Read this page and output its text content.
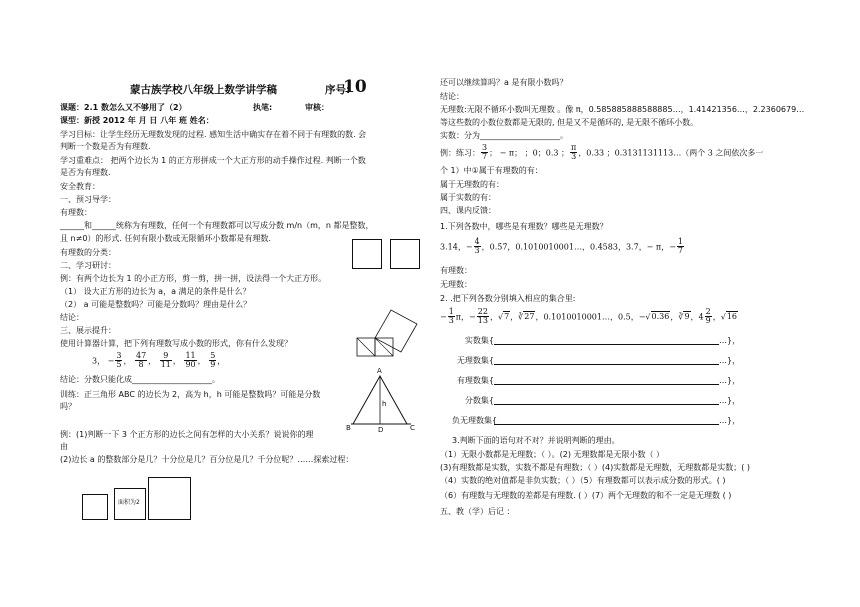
蒙古族学校八年级上数学讲学稿	序号:
10
课题：2.1 数怎么又不够用了（2）	执笔:	审核：
课型：新授 2012 年 月 日 八年 班 姓名：
学习目标：让学生经历无理数发现的过程. 感知生活中确实存在着不同于有理数的数. 会
判断一个数是否为有理数.
学习重难点： 把两个边长为 1 的正方形拼成一个大正方形的动手操作过程. 判断一个数
是否为有理数.
安全教育：
一、预习导学：
有理数：
______和______统称为有理数，任何一个有理数都可以写成分数 m/n（m，n 都是整数，
且 n≠0）的形式. 任何有限小数或无限循环小数都是有理数.
有理数的分类：
二、学习研讨：
例：有两个边长为 1 的小正方形，剪一剪，拼一拼，设法得一个大正方形。
（1） 设大正方形的边长为 a，a 满足的条件是什么？
（2） a 可能是整数吗？可能是分数吗？理由是什么？
结论：
三、展示提升：
使用计算器计算，把下列有理数写成小数的形式，你有什么发现？
3， − $\frac{3}{5}$ ， $\frac{47}{8}$ ， $\frac{9}{11}$ ， $\frac{11}{90}$ ， $\frac{5}{9}$ ，
结论：分数只能化成____________________。
训练：正三角形 ABC 的边长为 2，高为 h，h 可能是整数吗？可能是分数
吗？
A
B	C
D
h
例：(1)判断一下 3 个正方形的边长之间有怎样的大小关系？说说你的理
由
(2)边长 a 的整数部分是几？十分位是几？百分位是几？千分位呢？……探索过程：
面积为2
还可以继续算吗？a 是有限小数吗？
结论：
无理数:无限不循环小数叫无理数 。像 π，0.585885888588885…，1.41421356…，2.2360679…
等这些数的小数位数都是无限的, 但是又不是循环的, 是无限不循环小数。
实数：分为____________________。
例：练习： $\frac{3}{7}$ ； − π； ；0；0.3 ； $\frac{\pi}{3}$ ，0.33 ；0.3131131113…（两个 3 之间依次多一
个 1）中①属于有理数的有：
属于无理数的有：
属于实数的有：
四、课内反馈：
1.下列各数中，哪些是有理数？哪些是无理数？
3.14，− $\frac{4}{3}$ ，0.5̇7̇，0.1010010001…，0.4583，3.7̇，− π，− $\frac{1}{7}$
有理数：
无理数：
2. .把下列各数分别填入相应的集合里:
− $\frac{1}{3}$ π，− $\frac{22}{13}$ ，√7，∛27，0.1010010001…，0.5，−√0.36，∛9，$4 \frac{2}{9}$ ，√16
实数集{	…}，
无理数集{	…}，
有理数集{	…}，
分数集{	…}，
负无理数集{	…}，
3.判断下面的语句对不对？并说明判断的理由。
（1）无限小数都是无理数；（ ）。(2) 无理数都是无限小数（ ）
(3)有理数都是实数，实数不都是有理数；（ ）(4)实数都是无理数，无理数都是实数；( )
（4）实数的绝对值都是非负实数；（ ）（5）有理数都可以表示成分数的形式。( )
（6）有理数与无理数的差都是有理数. ( ）(7）两个无理数的和不一定是无理数 ( )
五、教（学）后记 ：
